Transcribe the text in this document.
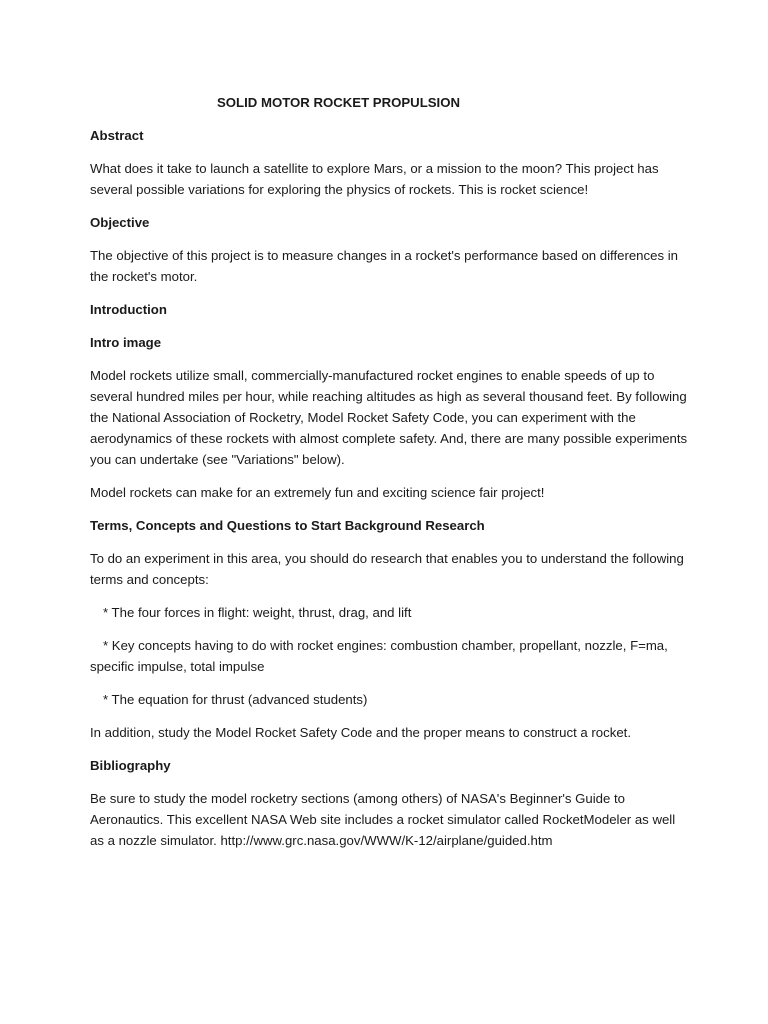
SOLID MOTOR ROCKET PROPULSION

Abstract

What does it take to launch a satellite to explore Mars, or a mission to the moon? This project has several possible variations for exploring the physics of rockets. This is rocket science!

Objective

The objective of this project is to measure changes in a rocket's performance based on differences in the rocket's motor.

Introduction

Intro image

Model rockets utilize small, commercially-manufactured rocket engines to enable speeds of up to several hundred miles per hour, while reaching altitudes as high as several thousand feet. By following the National Association of Rocketry, Model Rocket Safety Code, you can experiment with the aerodynamics of these rockets with almost complete safety. And, there are many possible experiments you can undertake (see "Variations" below).

Model rockets can make for an extremely fun and exciting science fair project!

Terms, Concepts and Questions to Start Background Research

To do an experiment in this area, you should do research that enables you to understand the following terms and concepts:

* The four forces in flight: weight, thrust, drag, and lift

* Key concepts having to do with rocket engines: combustion chamber, propellant, nozzle, F=ma, specific impulse, total impulse

* The equation for thrust (advanced students)

In addition, study the Model Rocket Safety Code and the proper means to construct a rocket.

Bibliography

Be sure to study the model rocketry sections (among others) of NASA's Beginner's Guide to Aeronautics. This excellent NASA Web site includes a rocket simulator called RocketModeler as well as a nozzle simulator. http://www.grc.nasa.gov/WWW/K-12/airplane/guided.htm
